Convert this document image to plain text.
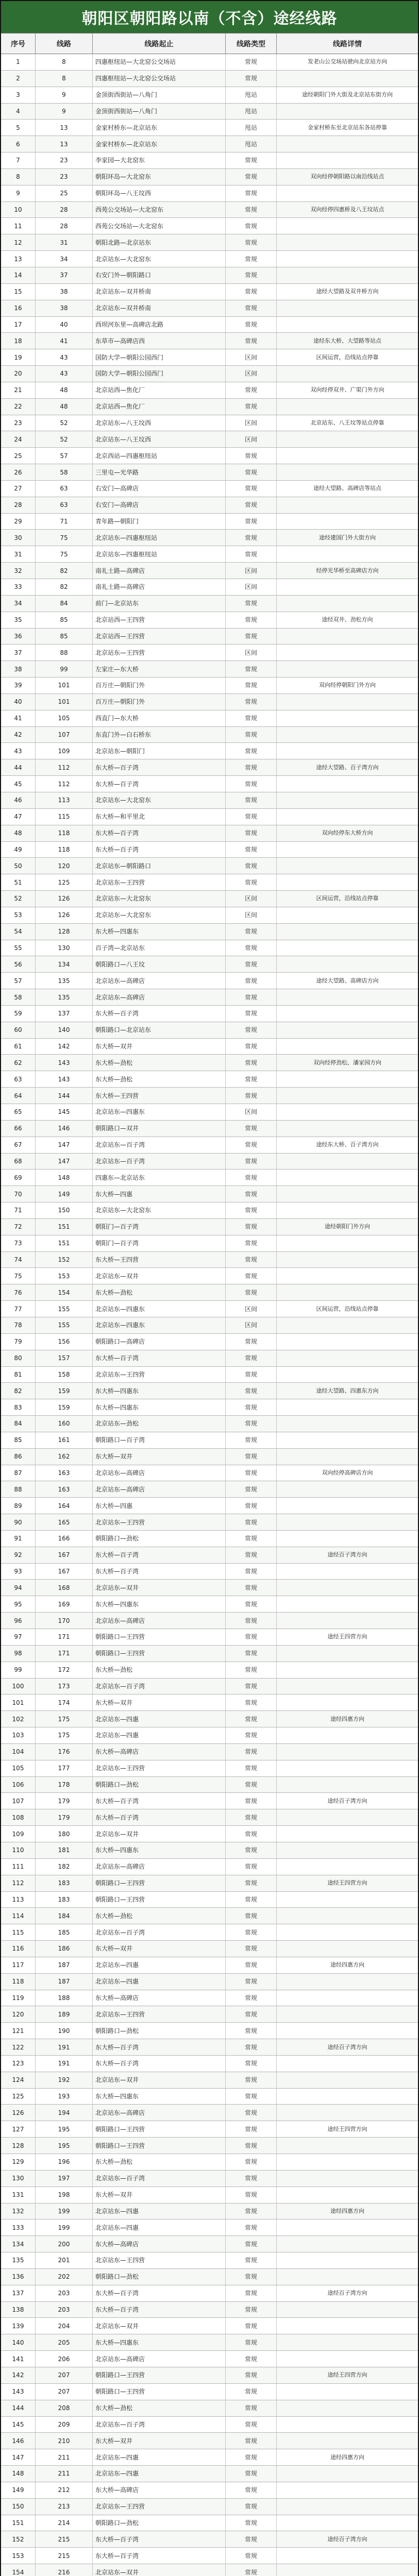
朝阳区朝阳路以南（不含）途经线路
序号	线路	线路起止	线路类型	线路详情
1	8	四惠枢纽站—大北窑公交场站	常规	发老山公交场站驶向北京站方向
2	8	四惠枢纽站—大北窑公交场站	常规
3	9	金顶街西街站—八角门	甩站	途经朝阳门外大街及北京站东街方向
4	9	金顶街西街站—八角门	甩站
5	13	金家村桥东—北京站东	甩站	金家村桥东至北京站东各站停靠
6	13	金家村桥东—北京站东	甩站
7	23	李家园—大北窑东	常规
8	23	朝阳环岛—大北窑东	常规	双向经停朝阳路以南沿线站点
9	25	朝阳环岛—八王坟西	常规
10	28	西苑公交场站—大北窑东	常规	双向经停四惠桥及八王坟站点
11	28	西苑公交场站—大北窑东	常规
12	31	朝阳北路—北京站东	常规
13	34	北京站东—大北窑东	常规
14	37	右安门外—朝阳路口	常规
15	38	北京站东—双井桥南	常规	途经大望路及双井桥方向
16	38	北京站东—双井桥南	常规
17	40	西坝河东里—高碑店北路	常规
18	41	东草市—高碑店西	常规	途经东大桥、大望路等站点
19	43	国防大学—朝阳公园西门	区间	区间运营，沿线站点停靠
20	43	国防大学—朝阳公园西门	区间
21	48	北京站西—焦化厂	常规	双向经停双井、广渠门外方向
22	48	北京站西—焦化厂	常规
23	52	北京站东—八王坟西	区间	北京站东、八王坟等站点停靠
24	52	北京站东—八王坟西	区间
25	57	北京西站—四惠枢纽站	常规
26	58	三里屯—光华路	常规
27	63	右安门—高碑店	常规	途经大望路、高碑店等站点
28	63	右安门—高碑店	常规
29	71	青年路—朝阳门	常规
30	75	北京站东—四惠枢纽站	常规	途经建国门外大街方向
31	75	北京站东—四惠枢纽站	常规
32	82	南礼士路—高碑店	区间	经停光华桥至高碑店方向
33	82	南礼士路—高碑店	区间
34	84	前门—北京站东	常规
35	85	北京站西—王四营	常规	途经双井、劲松方向
36	85	北京站西—王四营	常规
37	88	北京站东—王四营	区间
38	99	左家庄—东大桥	常规
39	101	百万庄—朝阳门外	常规	双向经停朝阳门外方向
40	101	百万庄—朝阳门外	常规
41	105	西直门—东大桥	常规
42	107	东直门外—白石桥东	常规
43	109	北京站东—朝阳门	常规
44	112	东大桥—百子湾	常规	途经大望路、百子湾方向
45	112	东大桥—百子湾	常规
46	113	北京站东—大北窑东	常规
47	115	东大桥—和平里北	常规
48	118	东大桥—百子湾	常规	双向经停东大桥方向
49	118	东大桥—百子湾	常规
50	120	北京站东—朝阳路口	常规
51	125	北京站东—王四营	常规
52	126	北京站东—大北窑东	区间	区间运营，沿线站点停靠
53	126	北京站东—大北窑东	区间
54	128	东大桥—四惠东	常规
55	130	百子湾—北京站东	常规
56	134	朝阳路口—八王坟	常规
57	135	北京站东—高碑店	常规	途经大望路、高碑店方向
58	135	北京站东—高碑店	常规
59	137	东大桥—百子湾	常规
60	140	朝阳路口—北京站东	常规
61	142	东大桥—双井	常规
62	143	东大桥—劲松	常规	双向经停劲松、潘家园方向
63	143	东大桥—劲松	常规
64	144	东大桥—王四营	常规
65	145	北京站东—四惠东	区间
66	146	朝阳路口—双井	常规
67	147	北京站东—百子湾	常规	途经东大桥、百子湾方向
68	147	北京站东—百子湾	常规
69	148	四惠东—北京站东	常规
70	149	东大桥—四惠	常规
71	150	北京站东—大北窑东	常规
72	151	朝阳门—百子湾	常规	途经朝阳门外方向
73	151	朝阳门—百子湾	常规
74	152	东大桥—王四营	常规
75	153	北京站东—双井	常规
76	154	东大桥—劲松	常规
77	155	北京站东—四惠东	区间	区间运营，沿线站点停靠
78	155	北京站东—四惠东	区间
79	156	朝阳路口—高碑店	常规
80	157	东大桥—百子湾	常规
81	158	北京站东—王四营	常规
82	159	东大桥—四惠东	常规	途经大望路、四惠东方向
83	159	东大桥—四惠东	常规
84	160	北京站东—劲松	常规
85	161	朝阳路口—百子湾	常规
86	162	东大桥—双井	常规
87	163	北京站东—高碑店	常规	双向经停高碑店方向
88	163	北京站东—高碑店	常规
89	164	东大桥—四惠	常规
90	165	北京站东—王四营	常规
91	166	朝阳路口—劲松	常规
92	167	东大桥—百子湾	常规	途经百子湾方向
93	167	东大桥—百子湾	常规
94	168	北京站东—双井	常规
95	169	东大桥—四惠东	常规
96	170	北京站东—高碑店	常规
97	171	朝阳路口—王四营	常规	途经王四营方向
98	171	朝阳路口—王四营	常规
99	172	东大桥—劲松	常规
100	173	北京站东—百子湾	常规
101	174	东大桥—双井	常规
102	175	北京站东—四惠	常规	途经四惠方向
103	175	北京站东—四惠	常规
104	176	东大桥—高碑店	常规
105	177	北京站东—王四营	常规
106	178	朝阳路口—劲松	常规
107	179	东大桥—百子湾	常规	途经百子湾方向
108	179	东大桥—百子湾	常规
109	180	北京站东—双井	常规
110	181	东大桥—四惠东	常规
111	182	北京站东—高碑店	常规
112	183	朝阳路口—王四营	常规	途经王四营方向
113	183	朝阳路口—王四营	常规
114	184	东大桥—劲松	常规
115	185	北京站东—百子湾	常规
116	186	东大桥—双井	常规
117	187	北京站东—四惠	常规	途经四惠方向
118	187	北京站东—四惠	常规
119	188	东大桥—高碑店	常规
120	189	北京站东—王四营	常规
121	190	朝阳路口—劲松	常规
122	191	东大桥—百子湾	常规	途经百子湾方向
123	191	东大桥—百子湾	常规
124	192	北京站东—双井	常规
125	193	东大桥—四惠东	常规
126	194	北京站东—高碑店	常规
127	195	朝阳路口—王四营	常规	途经王四营方向
128	195	朝阳路口—王四营	常规
129	196	东大桥—劲松	常规
130	197	北京站东—百子湾	常规
131	198	东大桥—双井	常规
132	199	北京站东—四惠	常规	途经四惠方向
133	199	北京站东—四惠	常规
134	200	东大桥—高碑店	常规
135	201	北京站东—王四营	常规
136	202	朝阳路口—劲松	常规
137	203	东大桥—百子湾	常规	途经百子湾方向
138	203	东大桥—百子湾	常规
139	204	北京站东—双井	常规
140	205	东大桥—四惠东	常规
141	206	北京站东—高碑店	常规
142	207	朝阳路口—王四营	常规	途经王四营方向
143	207	朝阳路口—王四营	常规
144	208	东大桥—劲松	常规
145	209	北京站东—百子湾	常规
146	210	东大桥—双井	常规
147	211	北京站东—四惠	常规	途经四惠方向
148	211	北京站东—四惠	常规
149	212	东大桥—高碑店	常规
150	213	北京站东—王四营	常规
151	214	朝阳路口—劲松	常规
152	215	东大桥—百子湾	常规	途经百子湾方向
153	215	东大桥—百子湾	常规
154	216	北京站东—双井	常规
